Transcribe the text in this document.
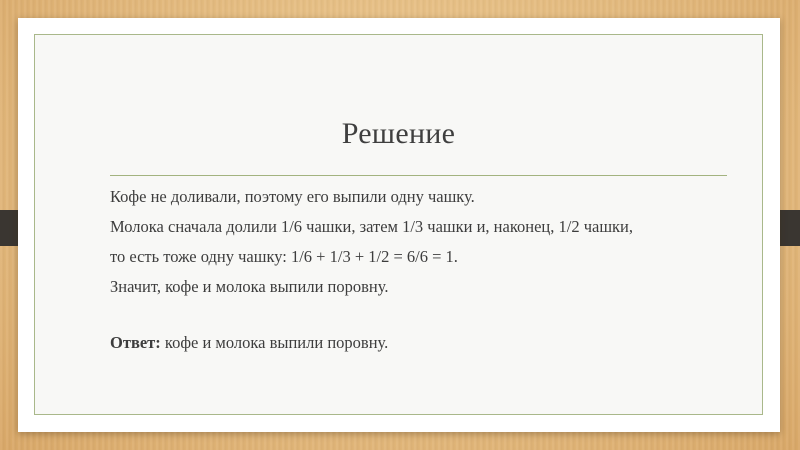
Решение

Кофе не доливали, поэтому его выпили одну чашку.

Молока сначала долили 1/6 чашки, затем 1/3 чашки и, наконец, 1/2 чашки,

то есть тоже одну чашку: 1/6 + 1/3 + 1/2 = 6/6 = 1.

Значит, кофе и молока выпили поровну.

Ответ: кофе и молока выпили поровну.
